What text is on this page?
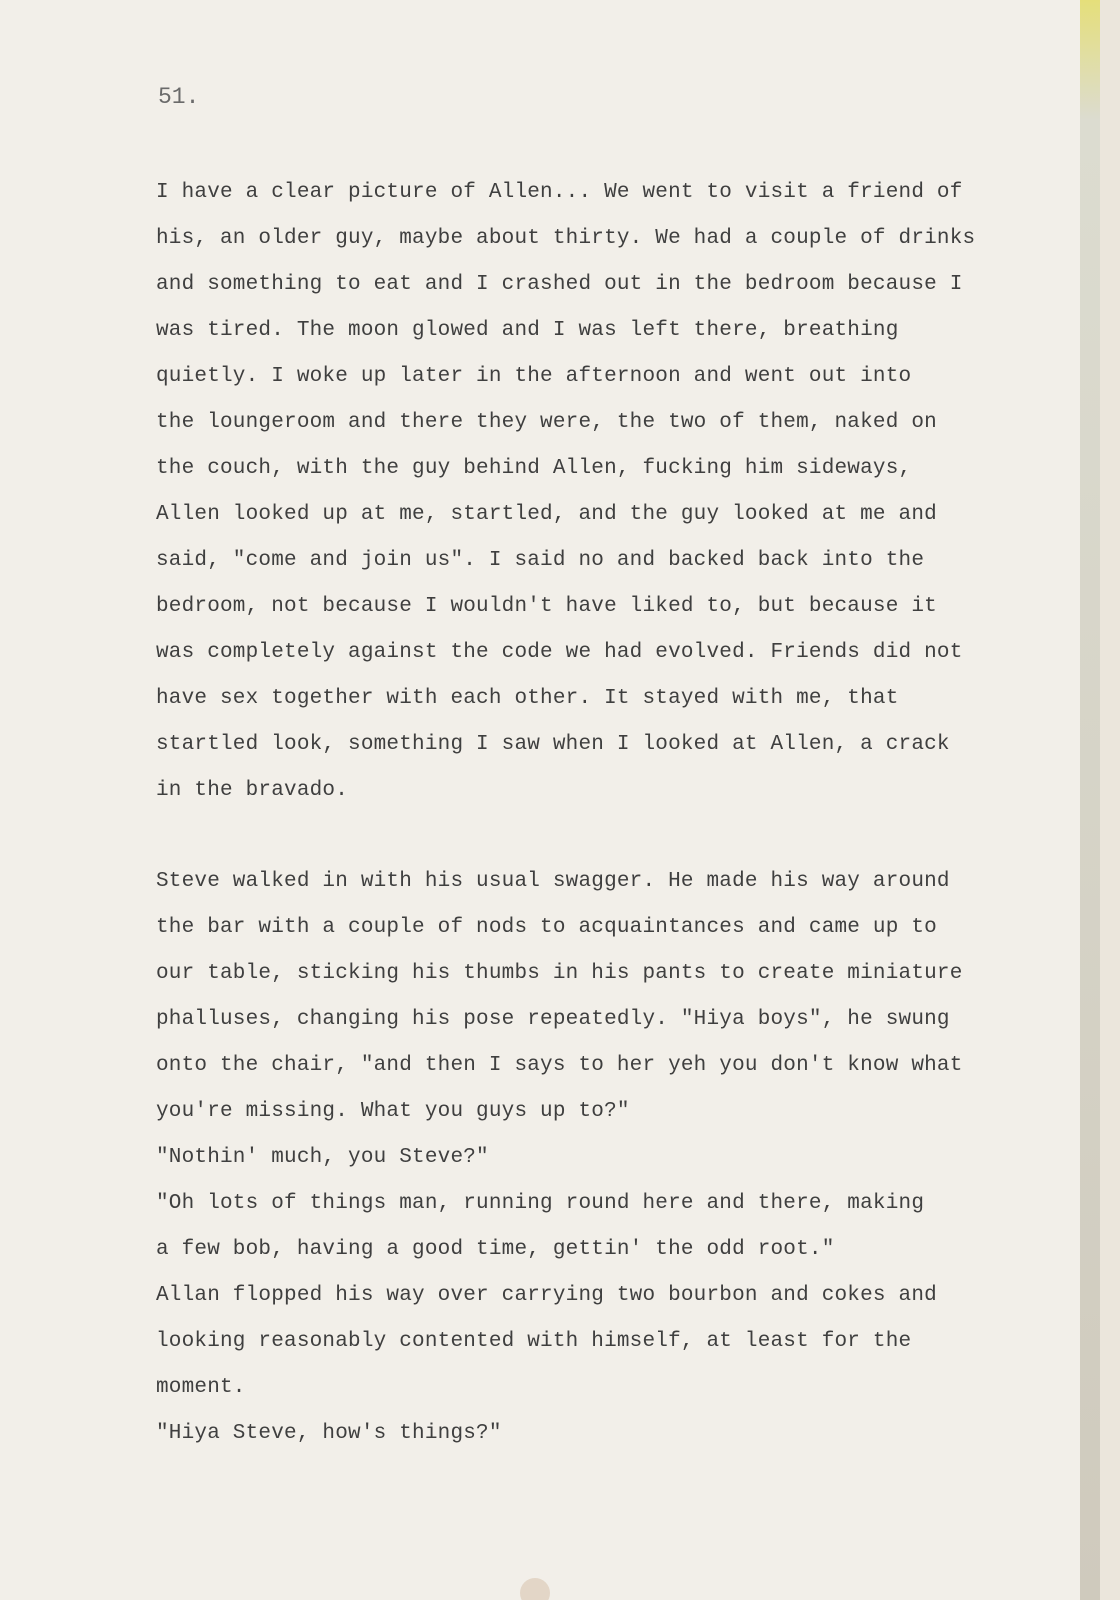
51.

I have a clear picture of Allen... We went to visit a friend of

his, an older guy, maybe about thirty. We had a couple of drinks

and something to eat and I crashed out in the bedroom because I

was tired. The moon glowed and I was left there, breathing

quietly. I woke up later in the afternoon and went out into

the loungeroom and there they were, the two of them, naked on

the couch, with the guy behind Allen, fucking him sideways,

Allen looked up at me, startled, and the guy looked at me and

said, "come and join us". I said no and backed back into the

bedroom, not because I wouldn't have liked to, but because it

was completely against the code we had evolved. Friends did not

have sex together with each other. It stayed with me, that

startled look, something I saw when I looked at Allen, a crack

in the bravado.

Steve walked in with his usual swagger. He made his way around

the bar with a couple of nods to acquaintances and came up to

our table, sticking his thumbs in his pants to create miniature

phalluses, changing his pose repeatedly. "Hiya boys", he swung

onto the chair, "and then I says to her yeh you don't know what

you're missing. What you guys up to?"

"Nothin' much, you Steve?"

"Oh lots of things man, running round here and there, making

a few bob, having a good time, gettin' the odd root."

Allan flopped his way over carrying two bourbon and cokes and

looking reasonably contented with himself, at least for the

moment.

"Hiya Steve, how's things?"
